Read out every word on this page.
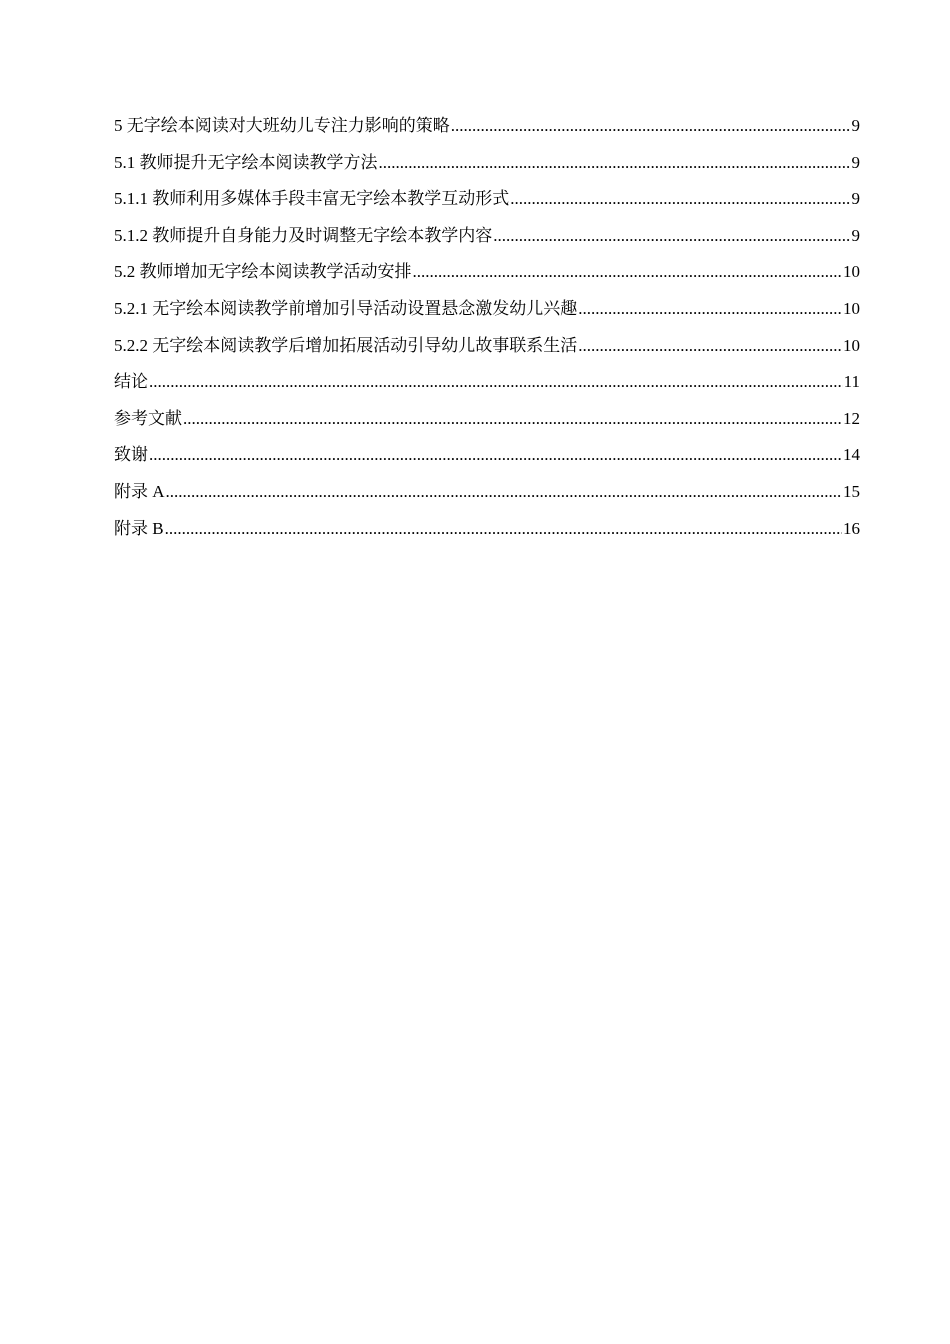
5 无字绘本阅读对大班幼儿专注力影响的策略 .....	9
5.1 教师提升无字绘本阅读教学方法 .....	9
5.1.1 教师利用多媒体手段丰富无字绘本教学互动形式 .....	9
5.1.2 教师提升自身能力及时调整无字绘本教学内容 .....	9
5.2 教师增加无字绘本阅读教学活动安排 .....	10
5.2.1 无字绘本阅读教学前增加引导活动设置悬念激发幼儿兴趣 .....	10
5.2.2 无字绘本阅读教学后增加拓展活动引导幼儿故事联系生活 .....	10
结论 .....	11
参考文献 .....	12
致谢 .....	14
附录 A .....	15
附录 B .....	16
